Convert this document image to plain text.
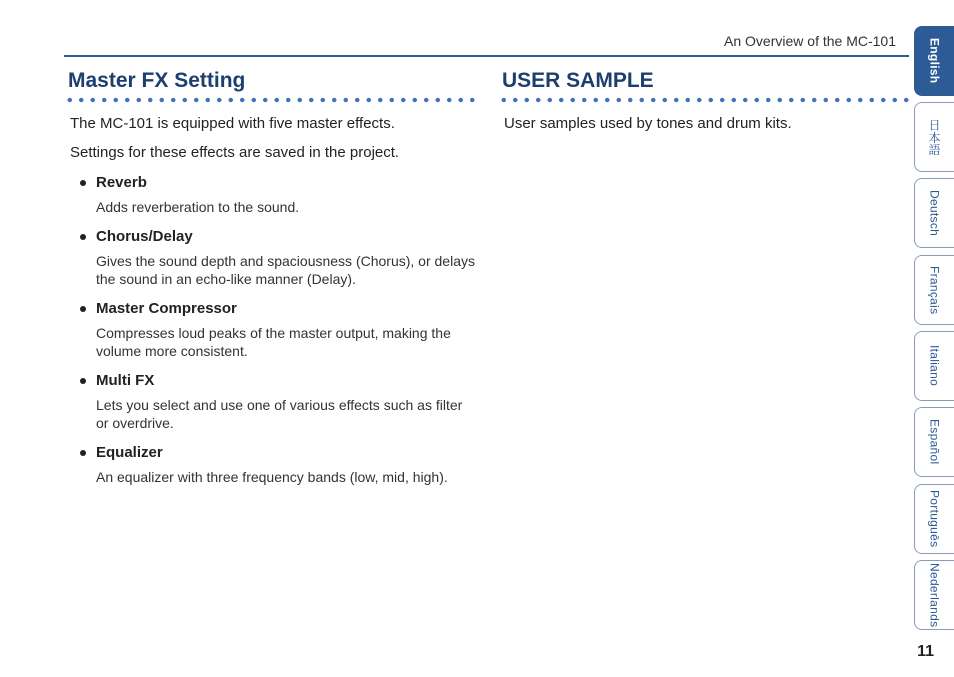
An Overview of the MC-101
Master FX Setting

The MC-101 is equipped with five master effects.

Settings for these effects are saved in the project.

Reverb
Adds reverberation to the sound.
Chorus/Delay
Gives the sound depth and spaciousness (Chorus), or delays the sound in an echo-like manner (Delay).
Master Compressor
Compresses loud peaks of the master output, making the volume more consistent.
Multi FX
Lets you select and use one of various effects such as filter or overdrive.
Equalizer
An equalizer with three frequency bands (low, mid, high).
USER SAMPLE

User samples used by tones and drum kits.

English
日本語
Deutsch
Français
Italiano
Español
Português
Nederlands
11
